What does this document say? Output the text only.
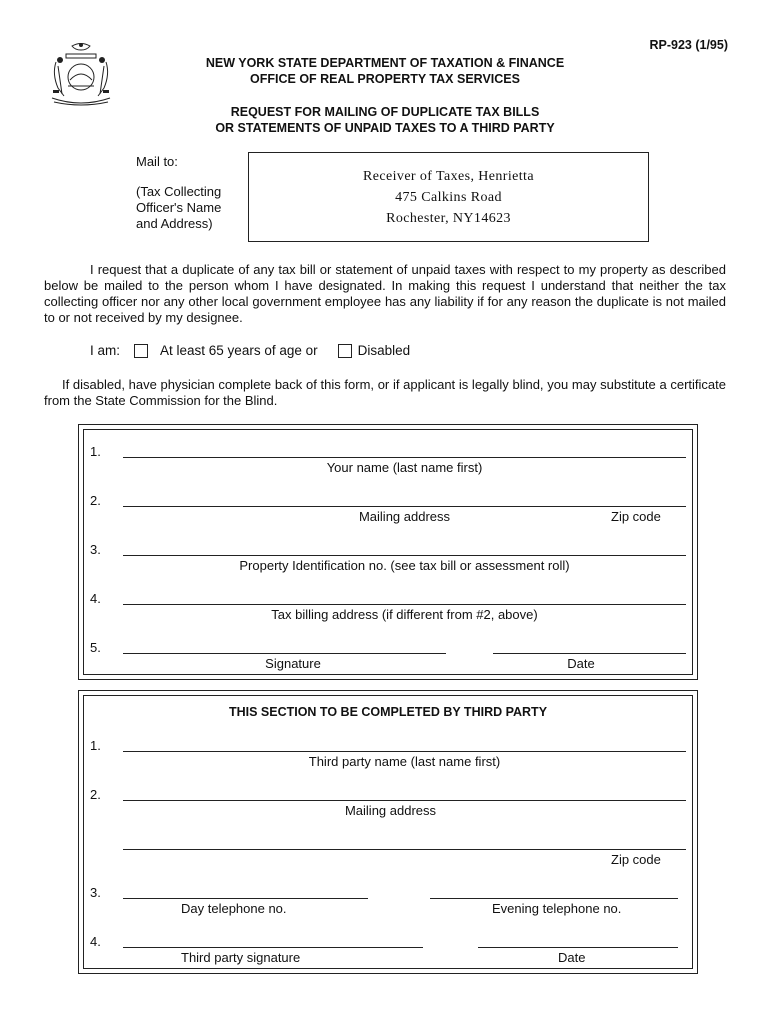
RP-923 (1/95)
NEW YORK STATE DEPARTMENT OF TAXATION & FINANCE
OFFICE OF REAL PROPERTY TAX SERVICES
REQUEST FOR MAILING OF DUPLICATE TAX BILLS
OR STATEMENTS OF UNPAID TAXES TO A THIRD PARTY
Mail to:
(Tax Collecting
Officer's Name
and Address)
Receiver of Taxes, Henrietta
475 Calkins Road
Rochester, NY14623
I request that a duplicate of any tax bill or statement of unpaid taxes with respect to my property as described below be mailed to the person whom I have designated. In making this request I understand that neither the tax collecting officer nor any other local government employee has any liability if for any reason the duplicate is not mailed to or not received by my designee.
I am:	At least 65 years of age or	Disabled
If disabled, have physician complete back of this form, or if applicant is legally blind, you may substitute a certificate from the State Commission for the Blind.
1.
Your name (last name first)
2.
Mailing address	Zip code
3.
Property Identification no. (see tax bill or assessment roll)
4.
Tax billing address (if different from #2, above)
5.
Signature	Date
THIS SECTION TO BE COMPLETED BY THIRD PARTY
1.
Third party name (last name first)
2.
Mailing address
Zip code
3.
Day telephone no.	Evening telephone no.
4.
Third party signature	Date
